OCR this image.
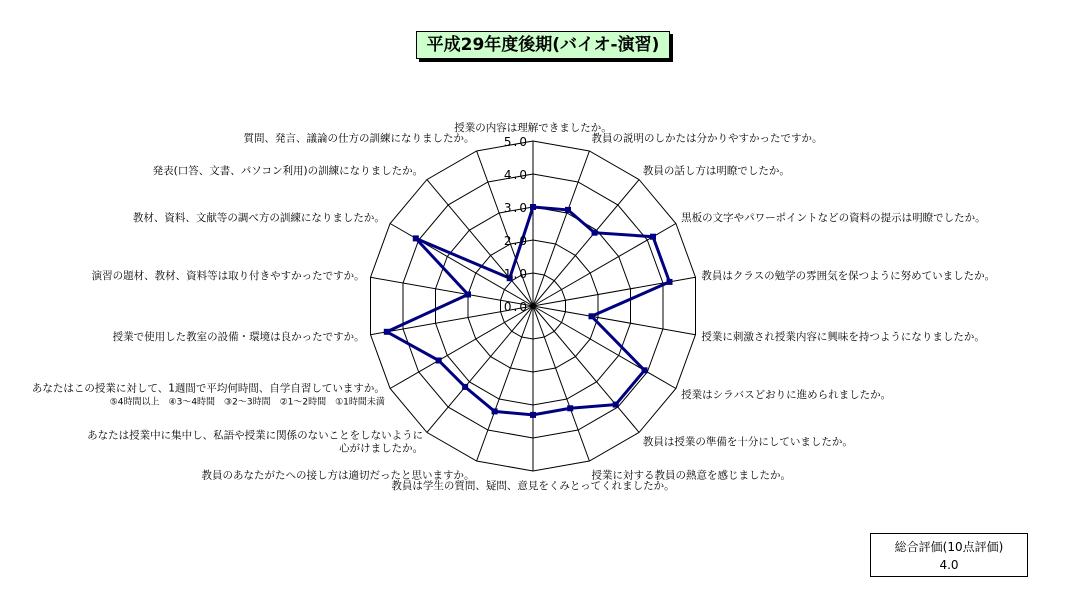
平成29年度後期(バイオ-演習)
0.0
1.0
2.0
3.0
4.0
5.0
授業の内容は理解できましたか。
教員の説明のしかたは分かりやすかったですか。
教員の話し方は明瞭でしたか。
黒板の文字やパワーポイントなどの資料の提示は明瞭でしたか。
教員はクラスの勉学の雰囲気を保つように努めていましたか。
授業に刺激され授業内容に興味を持つようになりましたか。
授業はシラバスどおりに進められましたか。
教員は授業の準備を十分にしていましたか。
授業に対する教員の熱意を感じましたか。
教員は学生の質問、疑問、意見をくみとってくれましたか。
教員のあなたがたへの接し方は適切だったと思いますか。
あなたは授業中に集中し、私語や授業に関係のないことをしないように
心がけましたか。
あなたはこの授業に対して、1週間で平均何時間、自学自習していますか。
⑤4時間以上　④3～4時間　③2～3時間　②1～2時間　①1時間未満
授業で使用した教室の設備・環境は良かったですか。
演習の題材、教材、資料等は取り付きやすかったですか。
教材、資料、文献等の調べ方の訓練になりましたか。
発表(口答、文書、パソコン利用)の訓練になりましたか。
質問、発言、議論の仕方の訓練になりましたか。
総合評価(10点評価)
4.0
